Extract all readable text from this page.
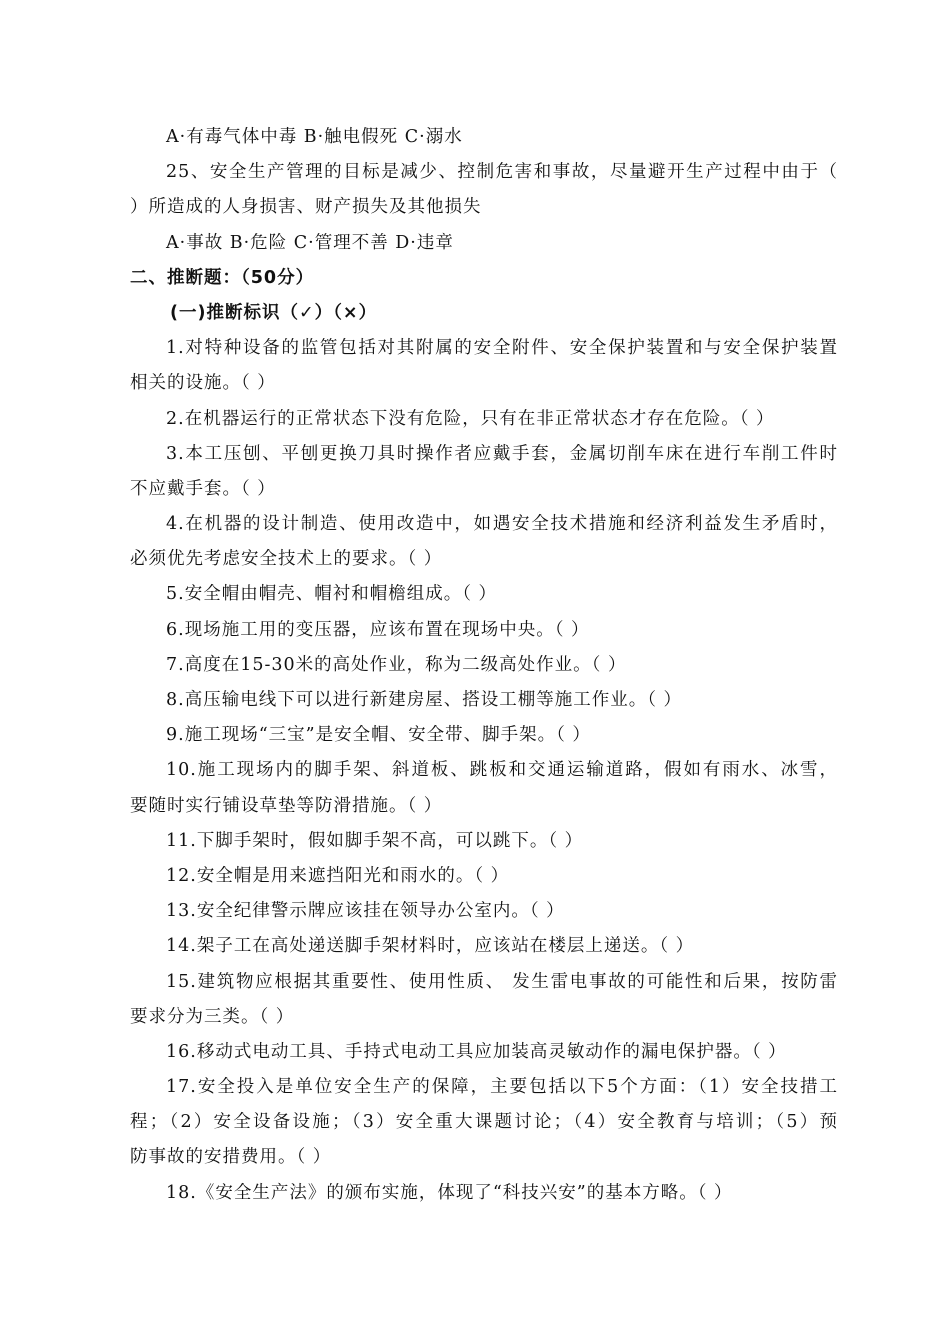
A·有毒气体中毒 B·触电假死 C·溺水
25、安全生产管理的目标是减少、控制危害和事故，尽量避开生产过程中由于（
）所造成的人身损害、财产损失及其他损失
A·事故 B·危险 C·管理不善 D·违章
二、推断题：（50分）
(一)推断标识（✓）（×）
1.对特种设备的监管包括对其附属的安全附件、安全保护装置和与安全保护装置
相关的设施。（ ）
2.在机器运行的正常状态下没有危险，只有在非正常状态才存在危险。（ ）
3.本工压刨、平刨更换刀具时操作者应戴手套，金属切削车床在进行车削工件时
不应戴手套。（ ）
4.在机器的设计制造、使用改造中，如遇安全技术措施和经济利益发生矛盾时，
必须优先考虑安全技术上的要求。（ ）
5.安全帽由帽壳、帽衬和帽檐组成。（ ）
6.现场施工用的变压器，应该布置在现场中央。（ ）
7.高度在15-30米的高处作业，称为二级高处作业。（ ）
8.高压输电线下可以进行新建房屋、搭设工棚等施工作业。（ ）
9.施工现场“三宝”是安全帽、安全带、脚手架。（ ）
10.施工现场内的脚手架、斜道板、跳板和交通运输道路，假如有雨水、冰雪，
要随时实行铺设草垫等防滑措施。（ ）
11.下脚手架时，假如脚手架不高，可以跳下。（ ）
12.安全帽是用来遮挡阳光和雨水的。（ ）
13.安全纪律警示牌应该挂在领导办公室内。（ ）
14.架子工在高处递送脚手架材料时，应该站在楼层上递送。（ ）
15.建筑物应根据其重要性、使用性质、 发生雷电事故的可能性和后果，按防雷
要求分为三类。（ ）
16.移动式电动工具、手持式电动工具应加装高灵敏动作的漏电保护器。（ ）
17.安全投入是单位安全生产的保障，主要包括以下5个方面：（1）安全技措工
程；（2）安全设备设施；（3）安全重大课题讨论；（4）安全教育与培训；（5）预
防事故的安措费用。（ ）
18.《安全生产法》的颁布实施，体现了“科技兴安”的基本方略。（ ）
